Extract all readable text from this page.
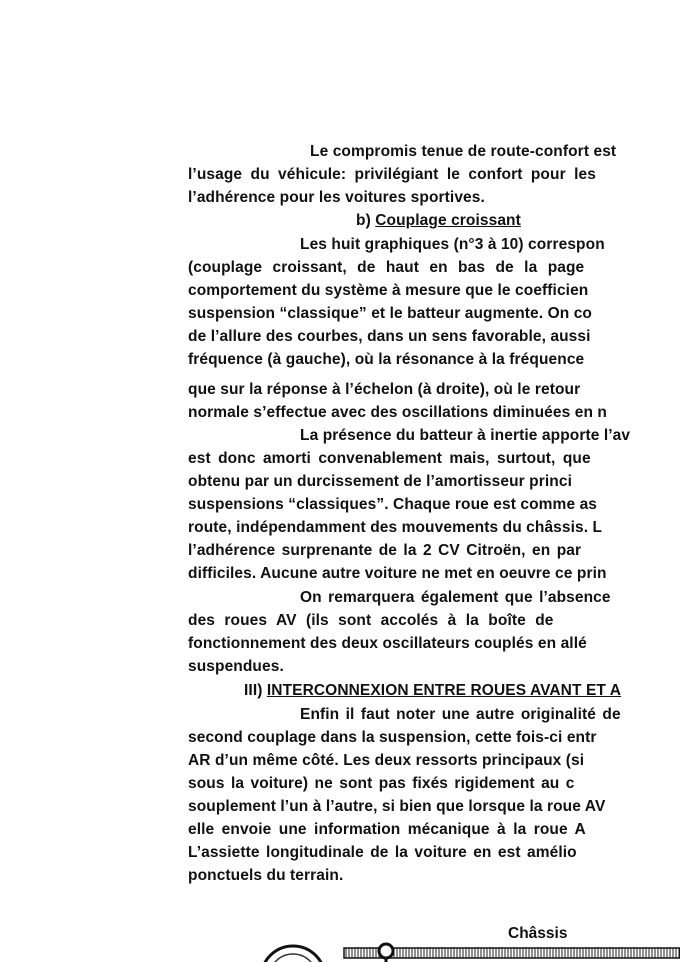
Le compromis tenue de route-confort est
l’usage du véhicule: privilégiant le confort pour les
l’adhérence pour les voitures sportives.
b) Couplage croissant
Les huit graphiques (n°3 à 10) correspon
(couplage croissant, de haut en bas de la page
comportement du système à mesure que le coefficien
suspension “classique” et le batteur augmente. On co
de l’allure des courbes, dans un sens favorable, aussi
fréquence (à gauche), où la résonance à la fréquence
que sur la réponse à l’échelon (à droite), où le retour
normale s’effectue avec des oscillations diminuées en n
La présence du batteur à inertie apporte l’av
est donc amorti convenablement mais, surtout, que
obtenu par un durcissement de l’amortisseur princi
suspensions “classiques”. Chaque roue est comme as
route, indépendamment des mouvements du châssis. L
l’adhérence surprenante de la 2 CV Citroën, en par
difficiles. Aucune autre voiture ne met en oeuvre ce prin
On remarquera également que l’absence
des roues AV (ils sont accolés à la boîte de
fonctionnement des deux oscillateurs couplés en allé
suspendues.
III) INTERCONNEXION ENTRE ROUES AVANT ET A
Enfin il faut noter une autre originalité de
second couplage dans la suspension, cette fois-ci entr
AR d’un même côté. Les deux ressorts principaux (si
sous la voiture) ne sont pas fixés rigidement au c
souplement l’un à l’autre, si bien que lorsque la roue AV
elle envoie une information mécanique à la roue A
L’assiette longitudinale de la voiture en est amélio
ponctuels du terrain.
Châssis
